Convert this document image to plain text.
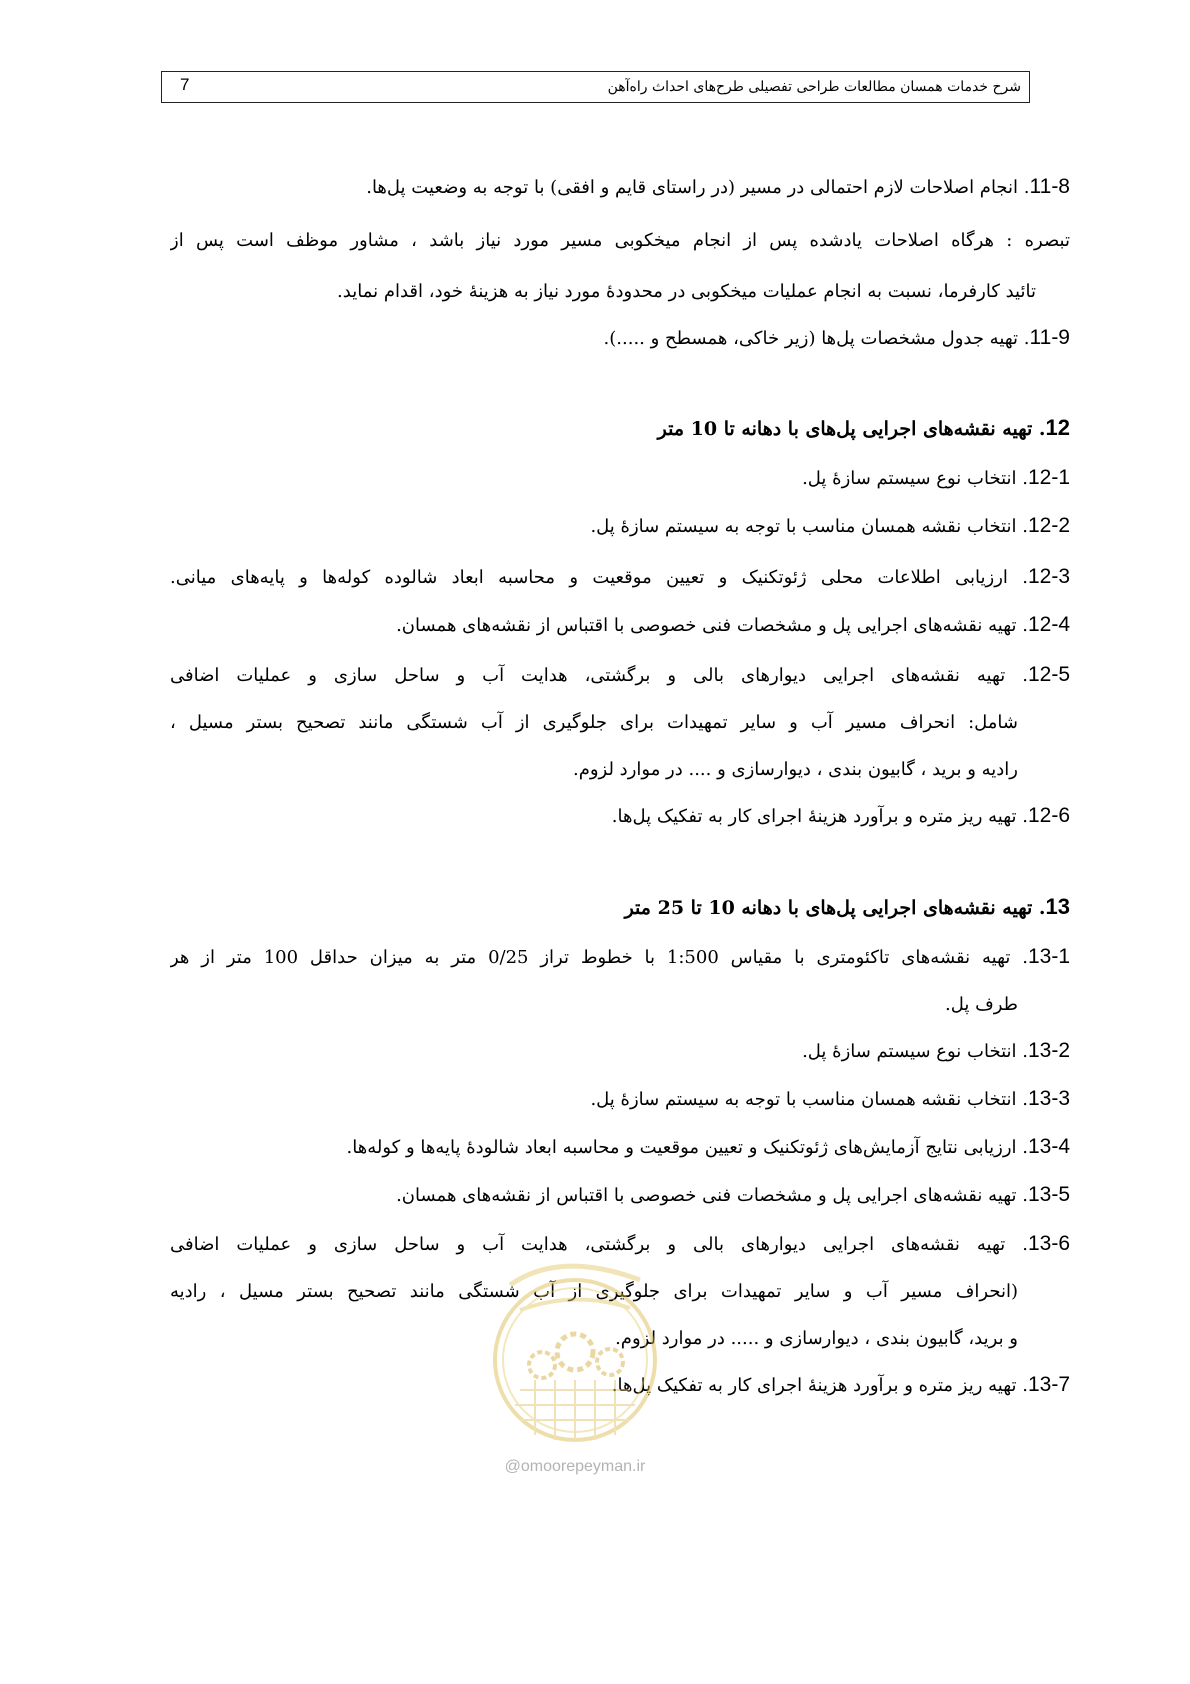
7	شرح خدمات همسان مطالعات طراحی تفصیلی طرح‌های احداث راه‌آهن
11-8. انجام اصلاحات لازم احتمالی در مسیر (در راستای قایم و افقی) با توجه به وضعیت پل‌ها.
تبصره : هرگاه اصلاحات یادشده پس از انجام میخکوبی مسیر مورد نیاز باشد ، مشاور موظف است پس از
تائید کارفرما، نسبت به انجام عملیات میخکوبی در محدودهٔ مورد نیاز به هزینهٔ خود، اقدام نماید.
11-9. تهیه جدول مشخصات پل‌ها (زیر خاکی، همسطح و .....).
12. تهیه نقشه‌های اجرایی پل‌های با دهانه تا 10 متر
12-1. انتخاب نوع سیستم سازهٔ پل.
12-2. انتخاب نقشه همسان مناسب با توجه به سیستم سازهٔ پل.
12-3. ارزیابی اطلاعات محلی ژئوتکنیک و تعیین موقعیت و محاسبه ابعاد شالوده کوله‌ها و پایه‌های میانی.
12-4. تهیه نقشه‌های اجرایی پل و مشخصات فنی خصوصی با اقتباس از نقشه‌های همسان.
12-5. تهیه نقشه‌های اجرایی دیوارهای بالی و برگشتی، هدایت آب و ساحل سازی و عملیات اضافی
شامل: انحراف مسیر آب و سایر تمهیدات برای جلوگیری از آب شستگی مانند تصحیح بستر مسیل ،
رادیه و برید ، گابیون بندی ، دیوارسازی و .... در موارد لزوم.
12-6. تهیه ریز متره و برآورد هزینهٔ اجرای کار به تفکیک پل‌ها.
13. تهیه نقشه‌های اجرایی پل‌های با دهانه 10 تا 25 متر
13-1. تهیه نقشه‌های تاکئومتری با مقیاس 1:500 با خطوط تراز 0/25 متر به میزان حداقل 100 متر از هر
طرف پل.
13-2. انتخاب نوع سیستم سازهٔ پل.
13-3. انتخاب نقشه همسان مناسب با توجه به سیستم سازهٔ پل.
13-4. ارزیابی نتایج آزمایش‌های ژئوتکنیک و تعیین موقعیت و محاسبه ابعاد شالودهٔ پایه‌ها و کوله‌ها.
13-5. تهیه نقشه‌های اجرایی پل و مشخصات فنی خصوصی با اقتباس از نقشه‌های همسان.
13-6. تهیه نقشه‌های اجرایی دیوارهای بالی و برگشتی، هدایت آب و ساحل سازی و عملیات اضافی
(انحراف مسیر آب و سایر تمهیدات برای جلوگیری از آب شستگی مانند تصحیح بستر مسیل ، رادیه
و برید، گابیون بندی ، دیوارسازی و ..... در موارد لزوم.
13-7. تهیه ریز متره و برآورد هزینهٔ اجرای کار به تفکیک پل‌ها.
@omoorepeyman.ir
